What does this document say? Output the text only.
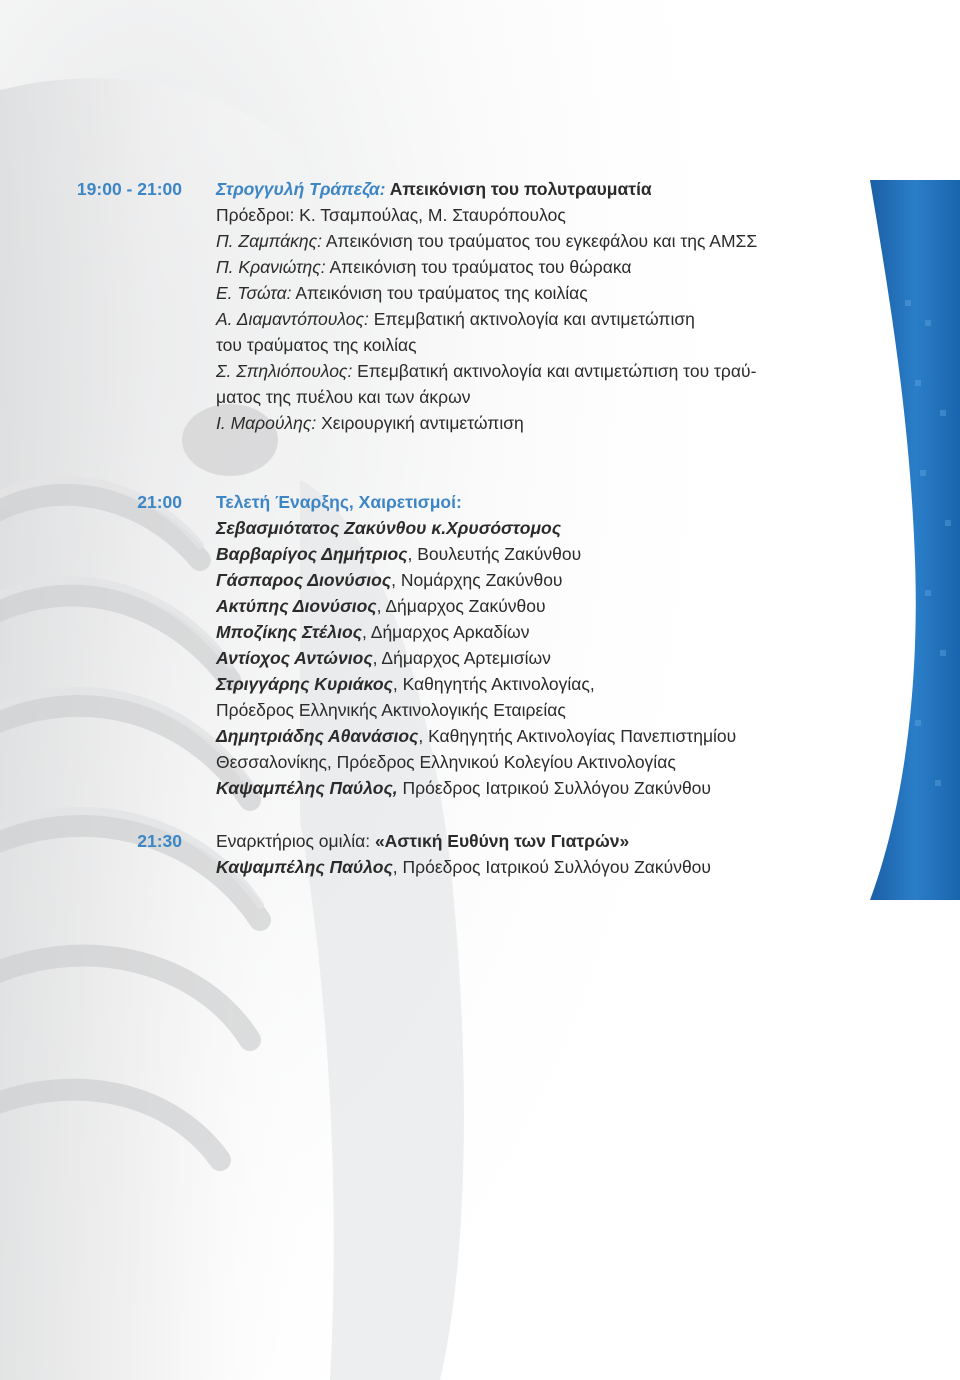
19:00 - 21:00 Στρογγυλή Τράπεζα: Απεικόνιση του πολυτραυματία
Πρόεδροι: Κ. Τσαμπούλας, Μ. Σταυρόπουλος
Π. Ζαμπάκης: Απεικόνιση του τραύματος του εγκεφάλου και της ΑΜΣΣ
Π. Κρανιώτης: Απεικόνιση του τραύματος του θώρακα
Ε. Τσώτα: Απεικόνιση του τραύματος της κοιλίας
Α. Διαμαντόπουλος: Επεμβατική ακτινολογία και αντιμετώπιση
του τραύματος της κοιλίας
Σ. Σπηλιόπουλος: Επεμβατική ακτινολογία και αντιμετώπιση του τραύ-
ματος της πυέλου και των άκρων
Ι. Μαρούλης: Χειρουργική αντιμετώπιση
21:00 Τελετή Έναρξης, Χαιρετισμοί:
Σεβασμιότατος Ζακύνθου κ.Χρυσόστομος
Βαρβαρίγος Δημήτριος, Βουλευτής Ζακύνθου
Γάσπαρος Διονύσιος, Νομάρχης Ζακύνθου
Ακτύπης Διονύσιος, Δήμαρχος Ζακύνθου
Μποζίκης Στέλιος, Δήμαρχος Αρκαδίων
Αντίοχος Αντώνιος, Δήμαρχος Αρτεμισίων
Στριγγάρης Κυριάκος, Καθηγητής Ακτινολογίας,
Πρόεδρος Ελληνικής Ακτινολογικής Εταιρείας
Δημητριάδης Αθανάσιος, Καθηγητής Ακτινολογίας Πανεπιστημίου
Θεσσαλονίκης, Πρόεδρος Ελληνικού Κολεγίου Ακτινολογίας
Καψαμπέλης Παύλος, Πρόεδρος Ιατρικού Συλλόγου Ζακύνθου
21:30 Εναρκτήριος ομιλία: «Αστική Ευθύνη των Γιατρών»
Καψαμπέλης Παύλος, Πρόεδρος Ιατρικού Συλλόγου Ζακύνθου
